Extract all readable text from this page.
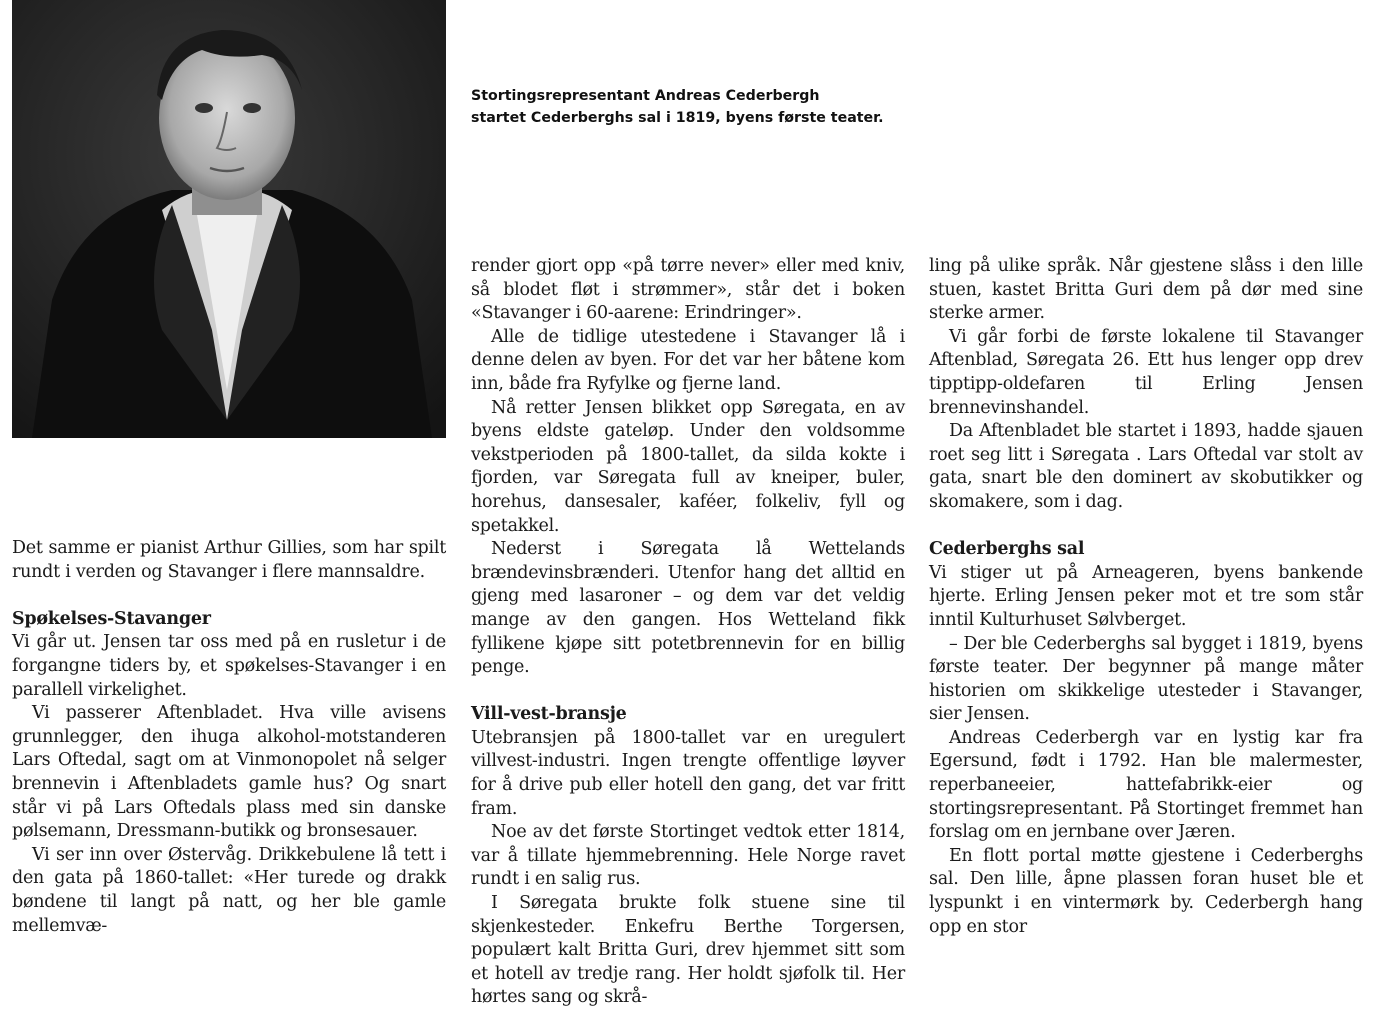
Stortingsrepresentant Andreas Cederbergh
startet Cederberghs sal i 1819, byens første teater.

Det samme er pianist Arthur Gillies, som har spilt rundt i verden og Stavanger i flere mannsaldre.

Spøkelses-Stavanger

Vi går ut. Jensen tar oss med på en rusletur i de forgangne tiders by, et spøkelses-Stavanger i en parallell virkelighet.

Vi passerer Aftenbladet. Hva ville avisens grunnlegger, den ihuga alkohol-motstanderen Lars Oftedal, sagt om at Vinmonopolet nå selger brennevin i Aftenbladets gamle hus? Og snart står vi på Lars Oftedals plass med sin danske pølsemann, Dressmann-butikk og bronsesauer.

Vi ser inn over Østervåg. Drikkebulene lå tett i den gata på 1860-tallet: «Her turede og drakk bøndene til langt på natt, og her ble gamle mellemvæ-

render gjort opp «på tørre never» eller med kniv, så blodet fløt i strømmer», står det i boken «Stavanger i 60-aarene: Erindringer».

Alle de tidlige utestedene i Stavanger lå i denne delen av byen. For det var her båtene kom inn, både fra Ryfylke og fjerne land.

Nå retter Jensen blikket opp Søregata, en av byens eldste gateløp. Under den voldsomme vekstperioden på 1800-tallet, da silda kokte i fjorden, var Søregata full av kneiper, buler, horehus, dansesaler, kaféer, folkeliv, fyll og spetakkel.

Nederst i Søregata lå Wettelands brændevinsbrænderi. Utenfor hang det alltid en gjeng med lasaroner – og dem var det veldig mange av den gangen. Hos Wetteland fikk fyllikene kjøpe sitt potetbrennevin for en billig penge.

Vill-vest-bransje

Utebransjen på 1800-tallet var en uregulert villvest-industri. Ingen trengte offentlige løyver for å drive pub eller hotell den gang, det var fritt fram.

Noe av det første Stortinget vedtok etter 1814, var å tillate hjemmebrenning. Hele Norge ravet rundt i en salig rus.

I Søregata brukte folk stuene sine til skjenkesteder. Enkefru Berthe Torgersen, populært kalt Britta Guri, drev hjemmet sitt som et hotell av tredje rang. Her holdt sjøfolk til. Her hørtes sang og skrå-

ling på ulike språk. Når gjestene slåss i den lille stuen, kastet Britta Guri dem på dør med sine sterke armer.

Vi går forbi de første lokalene til Stavanger Aftenblad, Søregata 26. Ett hus lenger opp drev tipptipp-oldefaren til Erling Jensen brennevinshandel.

Da Aftenbladet ble startet i 1893, hadde sjauen roet seg litt i Søregata . Lars Oftedal var stolt av gata, snart ble den dominert av skobutikker og skomakere, som i dag.

Cederberghs sal

Vi stiger ut på Arneageren, byens bankende hjerte. Erling Jensen peker mot et tre som står inntil Kulturhuset Sølvberget.

– Der ble Cederberghs sal bygget i 1819, byens første teater. Der begynner på mange måter historien om skikkelige utesteder i Stavanger, sier Jensen.

Andreas Cederbergh var en lystig kar fra Egersund, født i 1792. Han ble malermester, reperbaneeier, hattefabrikk-eier og stortingsrepresentant. På Stortinget fremmet han forslag om en jernbane over Jæren.

En flott portal møtte gjestene i Cederberghs sal. Den lille, åpne plassen foran huset ble et lyspunkt i en vintermørk by. Cederbergh hang opp en stor
